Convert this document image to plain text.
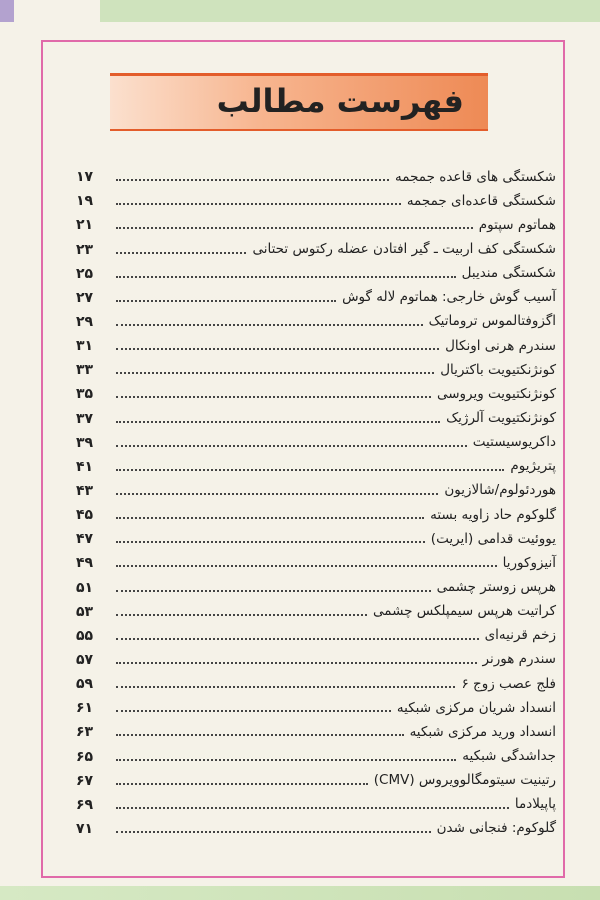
فهرست مطالب
شکستگی های قاعده جمجمه
۱۷
شکستگی قاعده‌ای جمجمه
۱۹
هماتوم سپتوم
۲۱
شکستگی کف اربیت ـ گیر افتادن عضله رکتوس تحتانی
۲۳
شکستگی مندیبل
۲۵
آسیب گوش خارجی: هماتوم لاله گوش
۲۷
اگزوفتالموس تروماتیک
۲۹
سندرم هرنی اونکال
۳۱
کونژنکتیویت باکتریال
۳۳
کونژنکتیویت ویروسی
۳۵
کونژنکتیویت آلرژیک
۳۷
داکریوسیستیت
۳۹
پتریژیوم
۴۱
هوردئولوم/شالازیون
۴۳
گلوکوم حاد زاویه بسته
۴۵
یووئیت قدامی (ایریت)
۴۷
آنیزوکوریا
۴۹
هرپس زوستر چشمی
۵۱
کراتیت هرپس سیمپلکس چشمی
۵۳
زخم قرنیه‌ای
۵۵
سندرم هورنر
۵۷
فلج عصب زوج ۶
۵۹
انسداد شریان مرکزی شبکیه
۶۱
انسداد ورید مرکزی شبکیه
۶۳
جداشدگی شبکیه
۶۵
رتینیت سیتومگالوویروس (CMV)
۶۷
پاپیلادما
۶۹
گلوکوم: فنجانی شدن
۷۱
